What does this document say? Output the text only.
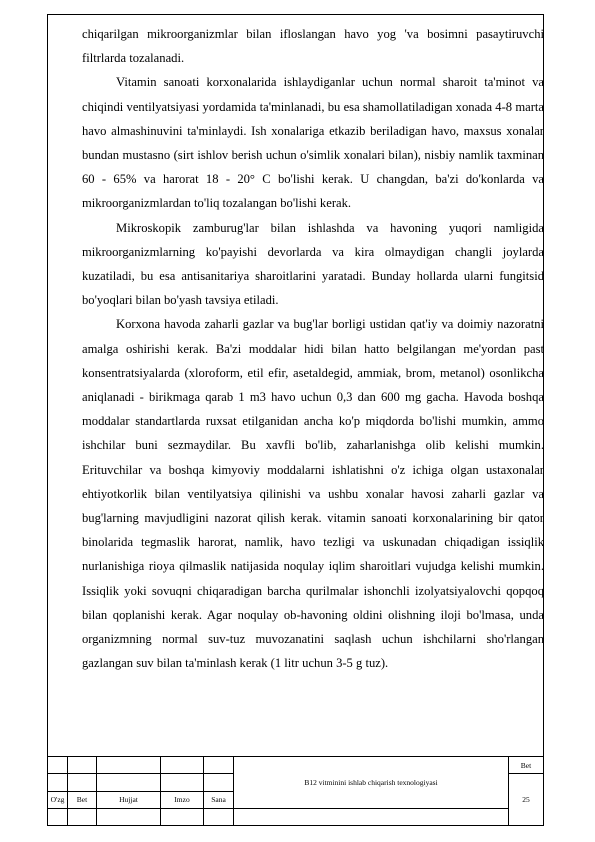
chiqarilgan mikroorganizmlar bilan ifloslangan havo yog 'va bosimni pasaytiruvchi filtrlarda tozalanadi.

Vitamin sanoati korxonalarida ishlaydiganlar uchun normal sharoit ta'minot va chiqindi ventilyatsiyasi yordamida ta'minlanadi, bu esa shamollatiladigan xonada 4-8 marta havo almashinuvini ta'minlaydi. Ish xonalariga etkazib beriladigan havo, maxsus xonalar bundan mustasno (sirt ishlov berish uchun o'simlik xonalari bilan), nisbiy namlik taxminan 60 - 65% va harorat 18 - 20° C bo'lishi kerak. U changdan, ba'zi do'konlarda va mikroorganizmlardan to'liq tozalangan bo'lishi kerak.

Mikroskopik zamburug'lar bilan ishlashda va havoning yuqori namligida mikroorganizmlarning ko'payishi devorlarda va kira olmaydigan changli joylarda kuzatiladi, bu esa antisanitariya sharoitlarini yaratadi. Bunday hollarda ularni fungitsid bo'yoqlari bilan bo'yash tavsiya etiladi.

Korxona havoda zaharli gazlar va bug'lar borligi ustidan qat'iy va doimiy nazoratni amalga oshirishi kerak. Ba'zi moddalar hidi bilan hatto belgilangan me'yordan past konsentratsiyalarda (xloroform, etil efir, asetaldegid, ammiak, brom, metanol) osonlikcha aniqlanadi - birikmaga qarab 1 m3 havo uchun 0,3 dan 600 mg gacha. Havoda boshqa moddalar standartlarda ruxsat etilganidan ancha ko'p miqdorda bo'lishi mumkin, ammo ishchilar buni sezmaydilar. Bu xavfli bo'lib, zaharlanishga olib kelishi mumkin. Erituvchilar va boshqa kimyoviy moddalarni ishlatishni o'z ichiga olgan ustaxonalar ehtiyotkorlik bilan ventilyatsiya qilinishi va ushbu xonalar havosi zaharli gazlar va bug'larning mavjudligini nazorat qilish kerak. vitamin sanoati korxonalarining bir qator binolarida tegmaslik harorat, namlik, havo tezligi va uskunadan chiqadigan issiqlik nurlanishiga rioya qilmaslik natijasida noqulay iqlim sharoitlari vujudga kelishi mumkin. Issiqlik yoki sovuqni chiqaradigan barcha qurilmalar ishonchli izolyatsiyalovchi qopqoq bilan qoplanishi kerak. Agar noqulay ob-havoning oldini olishning iloji bo'lmasa, unda organizmning normal suv-tuz muvozanatini saqlash uchun ishchilarni sho'rlangan gazlangan suv bilan ta'minlash kerak (1 litr uchun 3-5 g tuz).

					B12 vitminini ishlab chiqarish texnologiyasi	Bet
						25
O'zg	Bet	Hujjat	Imzo	Sana		
